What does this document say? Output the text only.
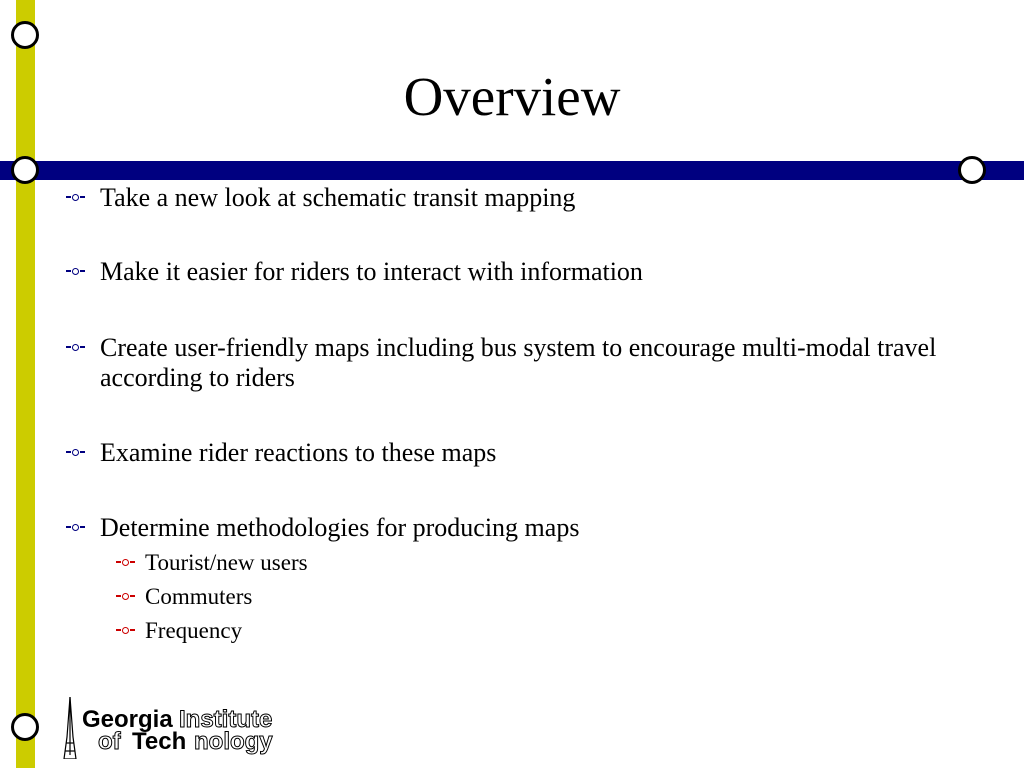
Overview
Take a new look at schematic transit mapping
Make it easier for riders to interact with information
Create user-friendly maps including bus system to encourage multi-modal travel according to riders
Examine rider reactions to these maps
Determine methodologies for producing maps
Tourist/new users
Commuters
Frequency
Georgia Institute
of Tech nology
